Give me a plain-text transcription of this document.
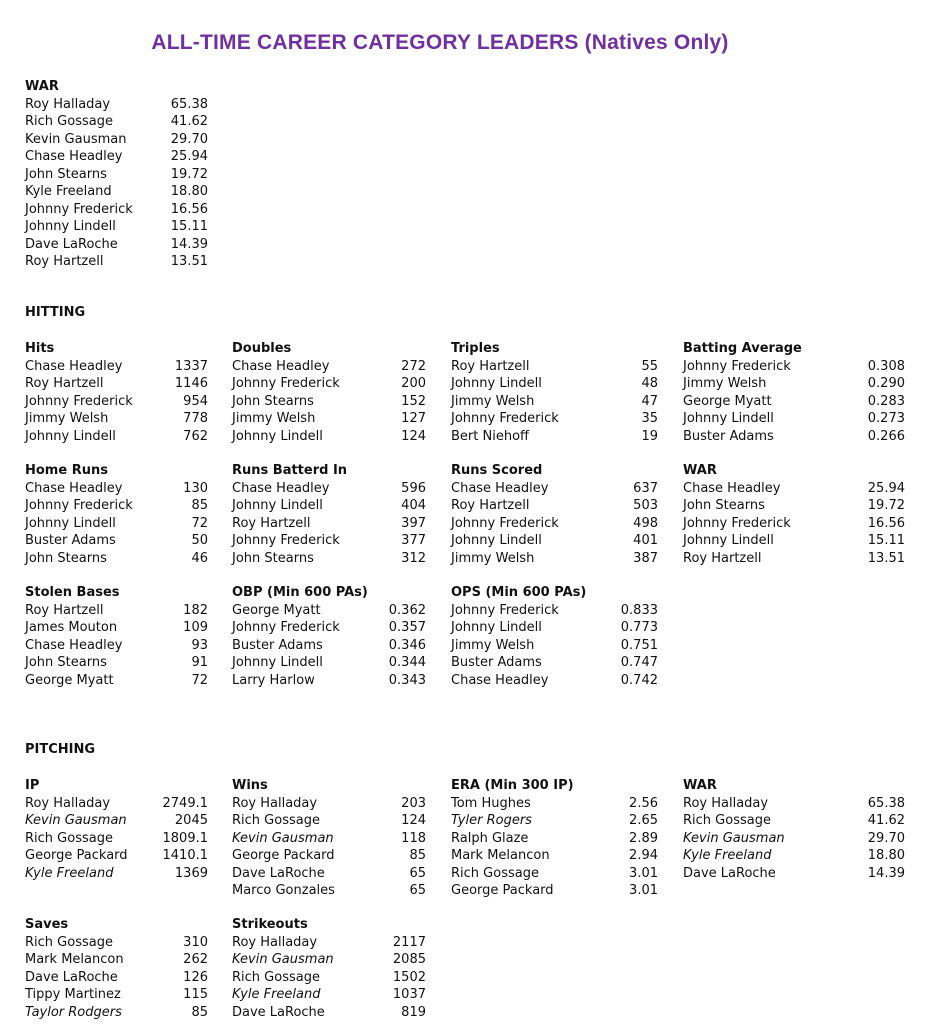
ALL-TIME CAREER CATEGORY LEADERS (Natives Only)
WAR
Roy Halladay	65.38
Rich Gossage	41.62
Kevin Gausman	29.70
Chase Headley	25.94
John Stearns	19.72
Kyle Freeland	18.80
Johnny Frederick	16.56
Johnny Lindell	15.11
Dave LaRoche	14.39
Roy Hartzell	13.51
HITTING
Hits
Chase Headley	1337
Roy Hartzell	1146
Johnny Frederick	954
Jimmy Welsh	778
Johnny Lindell	762
Doubles
Chase Headley	272
Johnny Frederick	200
John Stearns	152
Jimmy Welsh	127
Johnny Lindell	124
Triples
Roy Hartzell	55
Johnny Lindell	48
Jimmy Welsh	47
Johnny Frederick	35
Bert Niehoff	19
Batting Average
Johnny Frederick	0.308
Jimmy Welsh	0.290
George Myatt	0.283
Johnny Lindell	0.273
Buster Adams	0.266
Home Runs
Chase Headley	130
Johnny Frederick	85
Johnny Lindell	72
Buster Adams	50
John Stearns	46
Runs Batterd In
Chase Headley	596
Johnny Lindell	404
Roy Hartzell	397
Johnny Frederick	377
John Stearns	312
Runs Scored
Chase Headley	637
Roy Hartzell	503
Johnny Frederick	498
Johnny Lindell	401
Jimmy Welsh	387
WAR
Chase Headley	25.94
John Stearns	19.72
Johnny Frederick	16.56
Johnny Lindell	15.11
Roy Hartzell	13.51
Stolen Bases
Roy Hartzell	182
James Mouton	109
Chase Headley	93
John Stearns	91
George Myatt	72
OBP (Min 600 PAs)
George Myatt	0.362
Johnny Frederick	0.357
Buster Adams	0.346
Johnny Lindell	0.344
Larry Harlow	0.343
OPS (Min 600 PAs)
Johnny Frederick	0.833
Johnny Lindell	0.773
Jimmy Welsh	0.751
Buster Adams	0.747
Chase Headley	0.742
PITCHING
IP
Roy Halladay	2749.1
Kevin Gausman	2045
Rich Gossage	1809.1
George Packard	1410.1
Kyle Freeland	1369
Wins
Roy Halladay	203
Rich Gossage	124
Kevin Gausman	118
George Packard	85
Dave LaRoche	65
Marco Gonzales	65
ERA (Min 300 IP)
Tom Hughes	2.56
Tyler Rogers	2.65
Ralph Glaze	2.89
Mark Melancon	2.94
Rich Gossage	3.01
George Packard	3.01
WAR
Roy Halladay	65.38
Rich Gossage	41.62
Kevin Gausman	29.70
Kyle Freeland	18.80
Dave LaRoche	14.39
Saves
Rich Gossage	310
Mark Melancon	262
Dave LaRoche	126
Tippy Martinez	115
Taylor Rodgers	85
Strikeouts
Roy Halladay	2117
Kevin Gausman	2085
Rich Gossage	1502
Kyle Freeland	1037
Dave LaRoche	819
